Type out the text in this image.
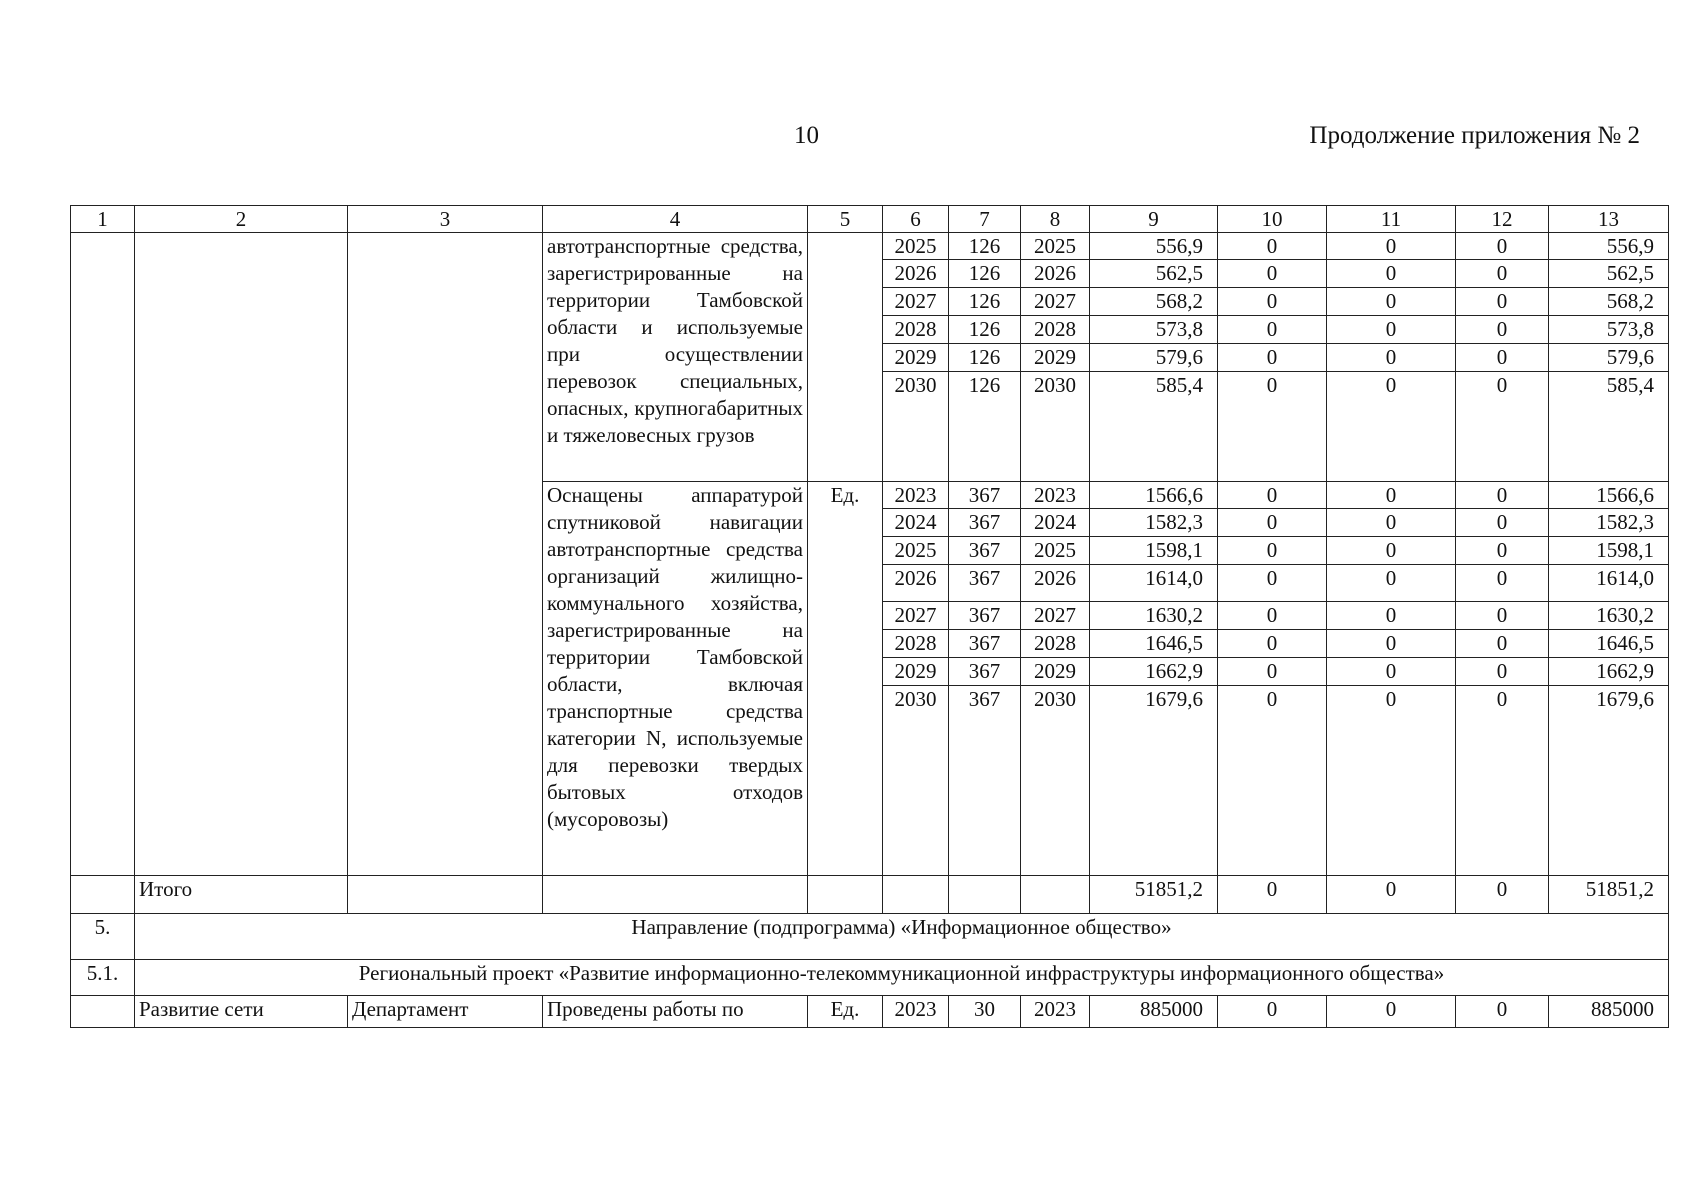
10	Продолжение приложения № 2
1	2	3	4	5	6	7	8	9	10	11	12	13
			автотранспортные средства, зарегистрированные на территории Тамбовской области и используемые при осуществлении перевозок специальных, опасных, крупногабаритных и тяжеловесных грузов		2025	126	2025	556,9	0	0	0	556,9
					2026	126	2026	562,5	0	0	0	562,5
					2027	126	2027	568,2	0	0	0	568,2
					2028	126	2028	573,8	0	0	0	573,8
					2029	126	2029	579,6	0	0	0	579,6
					2030	126	2030	585,4	0	0	0	585,4
			Оснащены аппаратурой спутниковой навигации автотранспортные средства организаций жилищно-коммунального хозяйства, зарегистрированные на территории Тамбовской области, включая транспортные средства категории N, используемые для перевозки твердых бытовых отходов (мусоровозы)	Ед.	2023	367	2023	1566,6	0	0	0	1566,6
					2024	367	2024	1582,3	0	0	0	1582,3
					2025	367	2025	1598,1	0	0	0	1598,1
					2026	367	2026	1614,0	0	0	0	1614,0
					2027	367	2027	1630,2	0	0	0	1630,2
					2028	367	2028	1646,5	0	0	0	1646,5
					2029	367	2029	1662,9	0	0	0	1662,9
					2030	367	2030	1679,6	0	0	0	1679,6
	Итого							51851,2	0	0	0	51851,2
5.	Направление (подпрограмма) «Информационное общество»											
5.1.	Региональный проект «Развитие информационно-телекоммуникационной инфраструктуры информационного общества»											
	Развитие сети	Департамент	Проведены работы по	Ед.	2023	30	2023	885000	0	0	0	885000
